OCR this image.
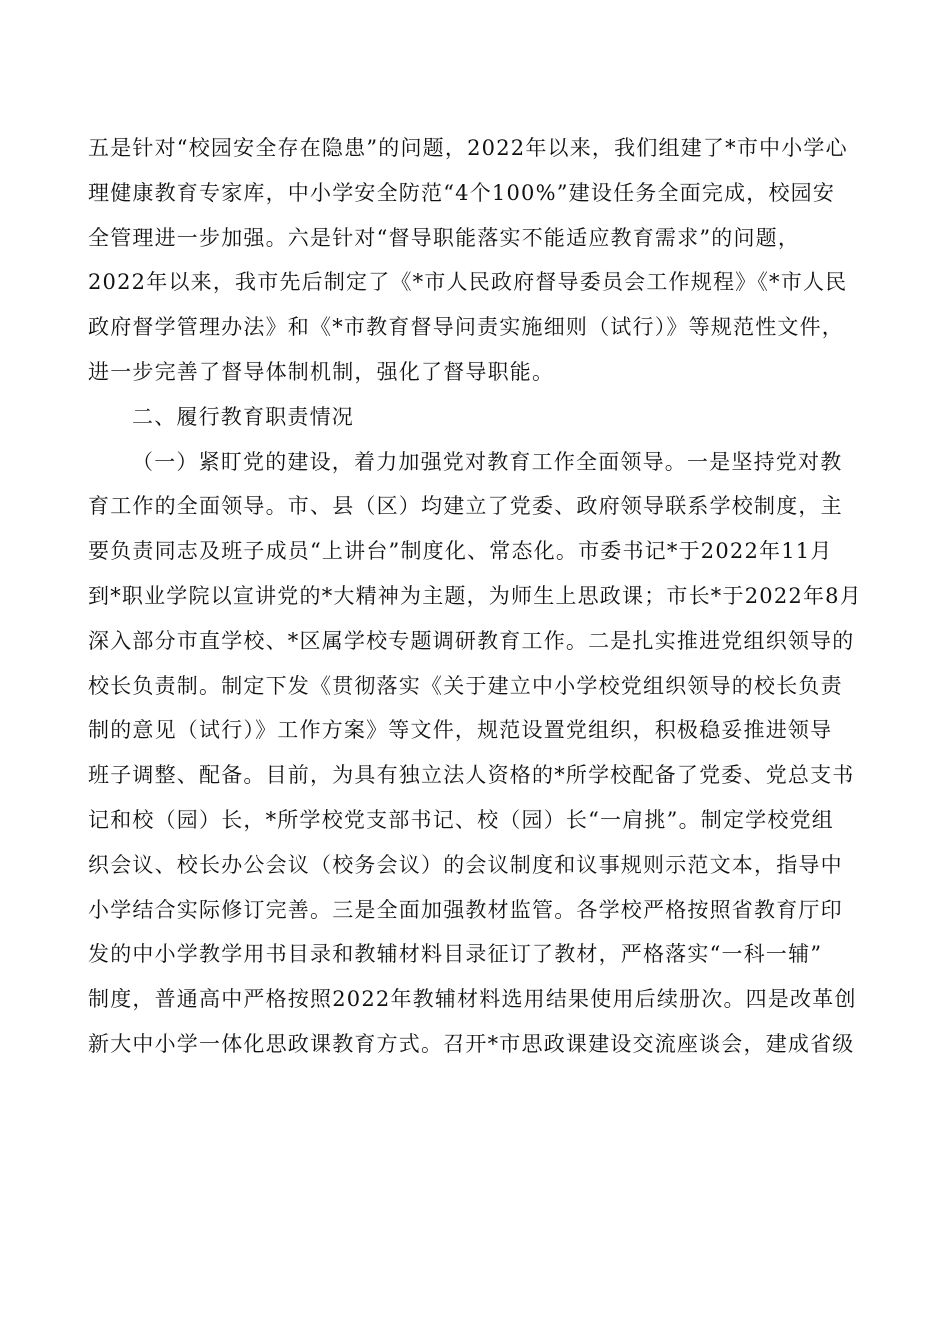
五是针对“校园安全存在隐患”的问题，2022年以来，我们组建了*市中小学心
理健康教育专家库，中小学安全防范“4个100%”建设任务全面完成，校园安
全管理进一步加强。六是针对“督导职能落实不能适应教育需求”的问题，
2022年以来，我市先后制定了《*市人民政府督导委员会工作规程》《*市人民
政府督学管理办法》和《*市教育督导问责实施细则（试行）》等规范性文件，
进一步完善了督导体制机制，强化了督导职能。
二、履行教育职责情况
（一）紧盯党的建设，着力加强党对教育工作全面领导。一是坚持党对教
育工作的全面领导。市、县（区）均建立了党委、政府领导联系学校制度，主
要负责同志及班子成员“上讲台”制度化、常态化。市委书记*于2022年11月
到*职业学院以宣讲党的*大精神为主题，为师生上思政课；市长*于2022年8月
深入部分市直学校、*区属学校专题调研教育工作。二是扎实推进党组织领导的
校长负责制。制定下发《贯彻落实《关于建立中小学校党组织领导的校长负责
制的意见（试行）》工作方案》等文件，规范设置党组织，积极稳妥推进领导
班子调整、配备。目前，为具有独立法人资格的*所学校配备了党委、党总支书
记和校（园）长，*所学校党支部书记、校（园）长“一肩挑”。制定学校党组
织会议、校长办公会议（校务会议）的会议制度和议事规则示范文本，指导中
小学结合实际修订完善。三是全面加强教材监管。各学校严格按照省教育厅印
发的中小学教学用书目录和教辅材料目录征订了教材，严格落实“一科一辅”
制度，普通高中严格按照2022年教辅材料选用结果使用后续册次。四是改革创
新大中小学一体化思政课教育方式。召开*市思政课建设交流座谈会，建成省级
